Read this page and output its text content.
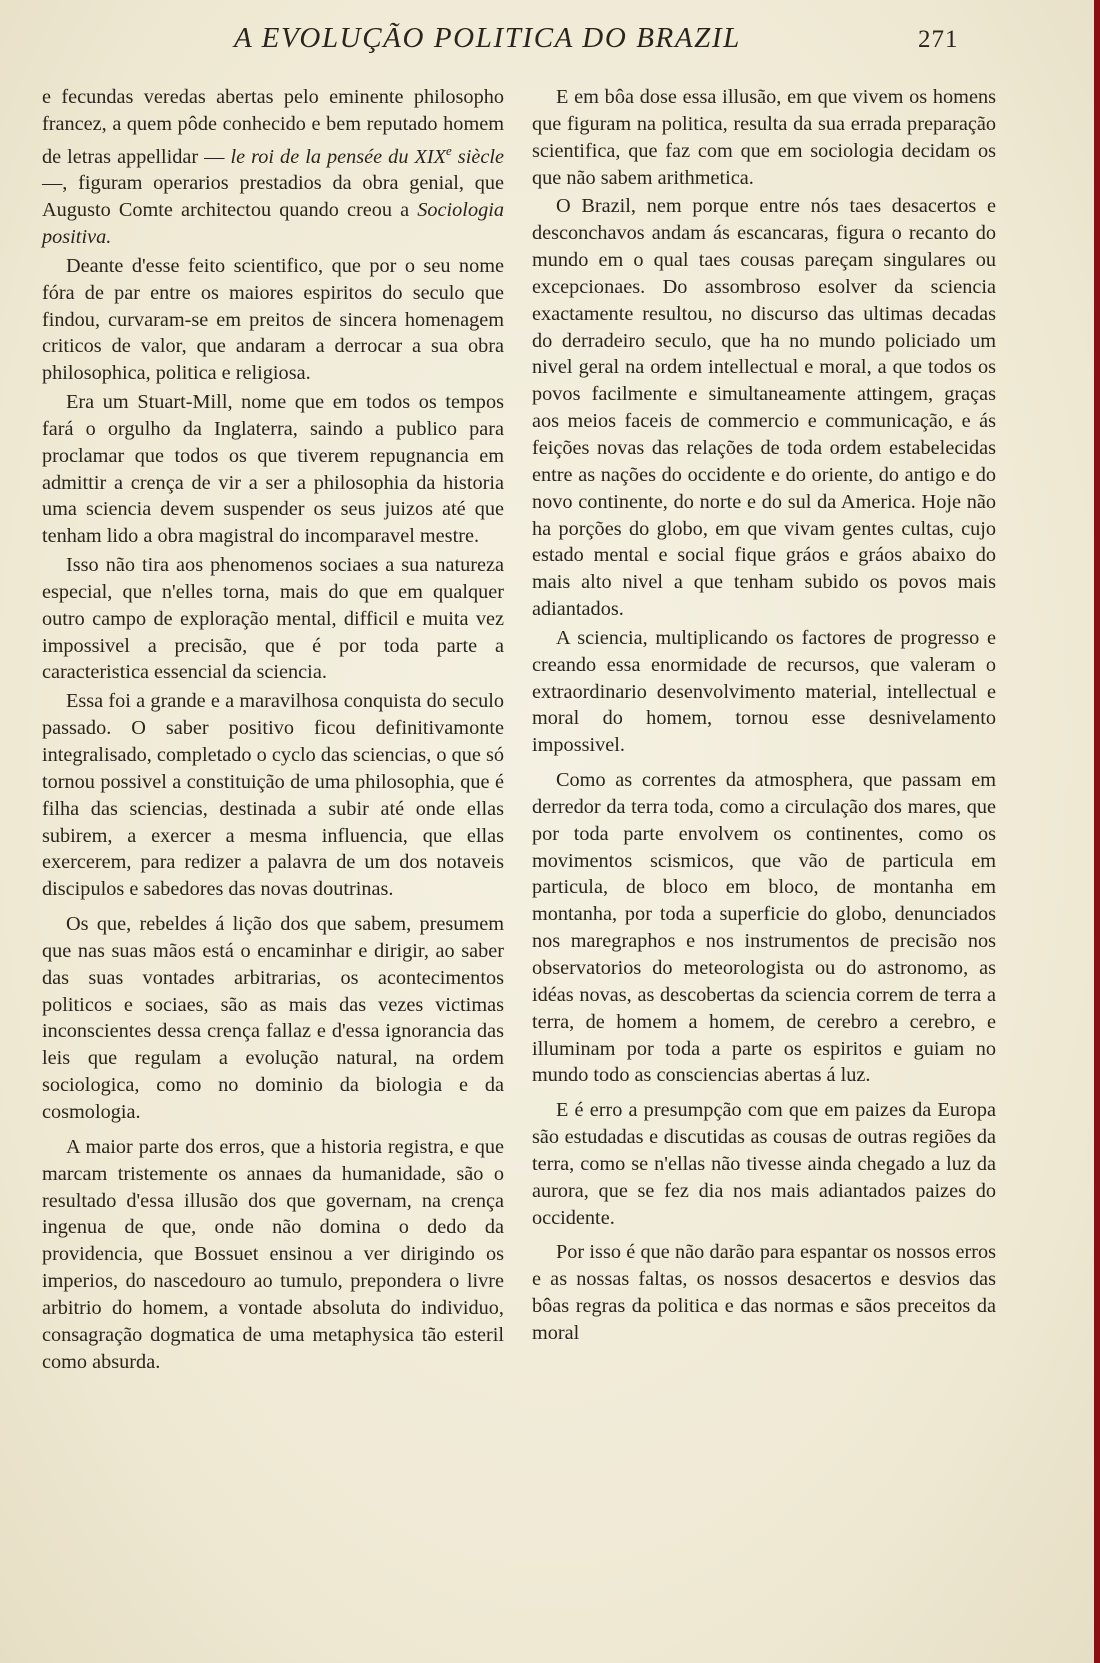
A EVOLUÇÃO POLITICA DO BRAZIL	271

e fecundas veredas abertas pelo eminente philosopho francez, a quem pôde conhecido e bem reputado homem de letras appellidar — le roi de la pensée du XIXe siècle —, figuram operarios prestadios da obra genial, que Augusto Comte architectou quando creou a Sociologia positiva.

Deante d'esse feito scientifico, que por o seu nome fóra de par entre os maiores espiritos do seculo que findou, curvaram-se em preitos de sincera homenagem criticos de valor, que andaram a derrocar a sua obra philosophica, politica e religiosa.

Era um Stuart-Mill, nome que em todos os tempos fará o orgulho da Inglaterra, saindo a publico para proclamar que todos os que tiverem repugnancia em admittir a crença de vir a ser a philosophia da historia uma sciencia devem suspender os seus juizos até que tenham lido a obra magistral do incomparavel mestre.

Isso não tira aos phenomenos sociaes a sua natureza especial, que n'elles torna, mais do que em qualquer outro campo de exploração mental, difficil e muita vez impossivel a precisão, que é por toda parte a caracteristica essencial da sciencia.

Essa foi a grande e a maravilhosa conquista do seculo passado. O saber positivo ficou definitivamonte integralisado, completado o cyclo das sciencias, o que só tornou possivel a constituição de uma philosophia, que é filha das sciencias, destinada a subir até onde ellas subirem, a exercer a mesma influencia, que ellas exercerem, para redizer a palavra de um dos notaveis discipulos e sabedores das novas doutrinas.

Os que, rebeldes á lição dos que sabem, presumem que nas suas mãos está o encaminhar e dirigir, ao saber das suas vontades arbitrarias, os acontecimentos politicos e sociaes, são as mais das vezes victimas inconscientes dessa crença fallaz e d'essa ignorancia das leis que regulam a evolução natural, na ordem sociologica, como no dominio da biologia e da cosmologia.

A maior parte dos erros, que a historia registra, e que marcam tristemente os annaes da humanidade, são o resultado d'essa illusão dos que governam, na crença ingenua de que, onde não domina o dedo da providencia, que Bossuet ensinou a ver dirigindo os imperios, do nascedouro ao tumulo, prepondera o livre arbitrio do homem, a vontade absoluta do individuo, consagração dogmatica de uma metaphysica tão esteril como absurda.

E em bôa dose essa illusão, em que vivem os homens que figuram na politica, resulta da sua errada preparação scientifica, que faz com que em sociologia decidam os que não sabem arithmetica.

O Brazil, nem porque entre nós taes desacertos e desconchavos andam ás escancaras, figura o recanto do mundo em o qual taes cousas pareçam singulares ou excepcionaes. Do assombroso esolver da sciencia exactamente resultou, no discurso das ultimas decadas do derradeiro seculo, que ha no mundo policiado um nivel geral na ordem intellectual e moral, a que todos os povos facilmente e simultaneamente attingem, graças aos meios faceis de commercio e communicação, e ás feições novas das relações de toda ordem estabelecidas entre as nações do occidente e do oriente, do antigo e do novo continente, do norte e do sul da America. Hoje não ha porções do globo, em que vivam gentes cultas, cujo estado mental e social fique gráos e gráos abaixo do mais alto nivel a que tenham subido os povos mais adiantados.

A sciencia, multiplicando os factores de progresso e creando essa enormidade de recursos, que valeram o extraordinario desenvolvimento material, intellectual e moral do homem, tornou esse desnivelamento impossivel.

Como as correntes da atmosphera, que passam em derredor da terra toda, como a circulação dos mares, que por toda parte envolvem os continentes, como os movimentos scismicos, que vão de particula em particula, de bloco em bloco, de montanha em montanha, por toda a superficie do globo, denunciados nos maregraphos e nos instrumentos de precisão nos observatorios do meteorologista ou do astronomo, as idéas novas, as descobertas da sciencia correm de terra a terra, de homem a homem, de cerebro a cerebro, e illuminam por toda a parte os espiritos e guiam no mundo todo as consciencias abertas á luz.

E é erro a presumpção com que em paizes da Europa são estudadas e discutidas as cousas de outras regiões da terra, como se n'ellas não tivesse ainda chegado a luz da aurora, que se fez dia nos mais adiantados paizes do occidente.

Por isso é que não darão para espantar os nossos erros e as nossas faltas, os nossos desacertos e desvios das bôas regras da politica e das normas e sãos preceitos da moral
